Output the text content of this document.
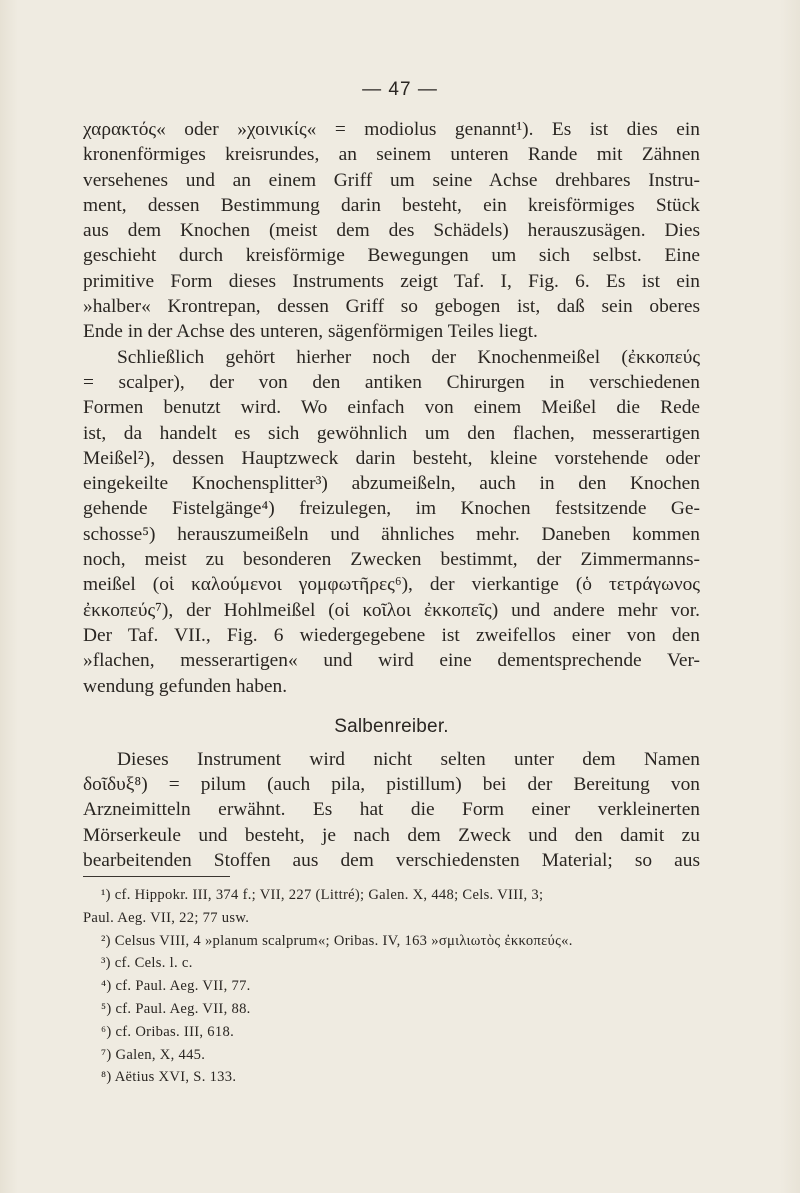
— 47 —
χαρακτός« oder »χοινικίς« = modiolus genannt¹). Es ist dies ein
kronenförmiges kreisrundes, an seinem unteren Rande mit Zähnen
versehenes und an einem Griff um seine Achse drehbares Instru-
ment, dessen Bestimmung darin besteht, ein kreisförmiges Stück
aus dem Knochen (meist dem des Schädels) herauszusägen. Dies
geschieht durch kreisförmige Bewegungen um sich selbst. Eine
primitive Form dieses Instruments zeigt Taf. I, Fig. 6. Es ist ein
»halber« Krontrepan, dessen Griff so gebogen ist, daß sein oberes
Ende in der Achse des unteren, sägenförmigen Teiles liegt.
Schließlich gehört hierher noch der Knochenmeißel (ἐκκοπεύς
= scalper), der von den antiken Chirurgen in verschiedenen
Formen benutzt wird. Wo einfach von einem Meißel die Rede
ist, da handelt es sich gewöhnlich um den flachen, messerartigen
Meißel²), dessen Hauptzweck darin besteht, kleine vorstehende oder
eingekeilte Knochensplitter³) abzumeißeln, auch in den Knochen
gehende Fistelgänge⁴) freizulegen, im Knochen festsitzende Ge-
schosse⁵) herauszumeißeln und ähnliches mehr. Daneben kommen
noch, meist zu besonderen Zwecken bestimmt, der Zimmermanns-
meißel (οἱ καλούμενοι γομφωτῆρες⁶), der vierkantige (ὁ τετράγωνος
ἐκκοπεύς⁷), der Hohlmeißel (οἱ κοῖλοι ἐκκοπεῖς) und andere mehr vor.
Der Taf. VII., Fig. 6 wiedergegebene ist zweifellos einer von den
»flachen, messerartigen« und wird eine dementsprechende Ver-
wendung gefunden haben.
Salbenreiber.
Dieses Instrument wird nicht selten unter dem Namen
δοῖδυξ⁸) = pilum (auch pila, pistillum) bei der Bereitung von
Arzneimitteln erwähnt. Es hat die Form einer verkleinerten
Mörserkeule und besteht, je nach dem Zweck und den damit zu
bearbeitenden Stoffen aus dem verschiedensten Material; so aus
¹) cf. Hippokr. III, 374 f.; VII, 227 (Littré); Galen. X, 448; Cels. VIII, 3;
Paul. Aeg. VII, 22; 77 usw.
²) Celsus VIII, 4 »planum scalprum«; Oribas. IV, 163 »σμιλιωτὸς ἐκκοπεύς«.
³) cf. Cels. l. c.
⁴) cf. Paul. Aeg. VII, 77.
⁵) cf. Paul. Aeg. VII, 88.
⁶) cf. Oribas. III, 618.
⁷) Galen, X, 445.
⁸) Aëtius XVI, S. 133.
